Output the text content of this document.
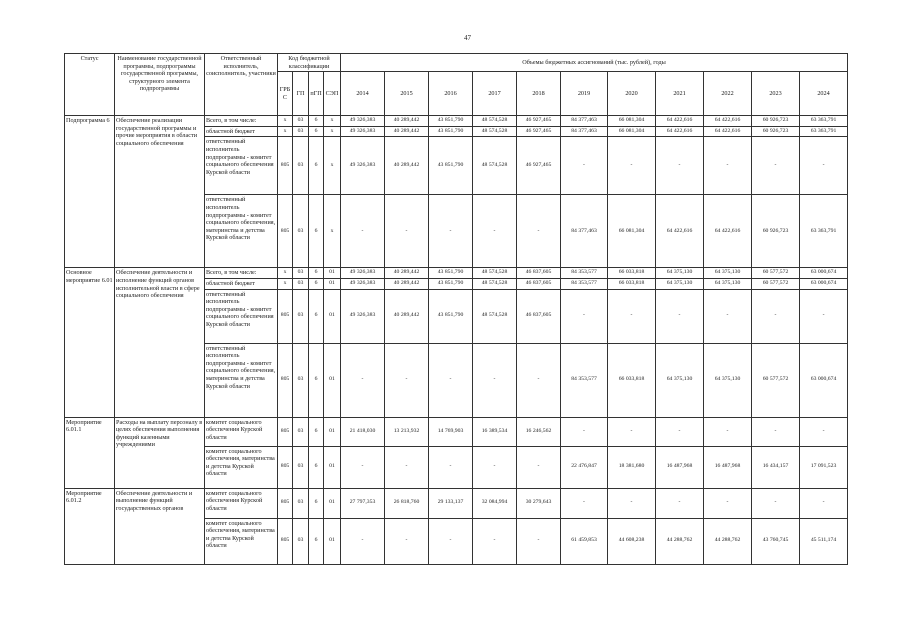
47
Статус	Наименование государственной программы, подпрограммы государственной программы, структурного элемента подпрограммы	Ответственный исполнитель, соисполнитель, участники	Код бюджетной классификации				Объемы бюджетных ассигнований (тыс. рублей), годы										
			ГРБС	ГП	пГП	СЭП	2014	2015	2016	2017	2018	2019	2020	2021	2022	2023	2024
Подпрограмма 6	Обеспечение реализации государственной программы и прочие мероприятия в области социального обеспечения	Всего, в том числе:	x	03	6	x	49 326,383	40 289,442	43 851,790	48 574,528	46 927,465	84 377,463	66 081,304	64 422,616	64 422,616	60 926,723	63 363,791
		областной бюджет	x	03	6	x	49 326,383	40 289,442	43 851,790	48 574,528	46 927,465	84 377,463	66 081,304	64 422,616	64 422,616	60 926,723	63 363,791
		ответственный исполнитель подпрограммы - комитет социального обеспечения Курской области	805	03	6	x	49 326,383	40 289,442	43 851,790	48 574,528	46 927,465	-	-	-	-	-	-
		ответственный исполнитель подпрограммы - комитет социального обеспечения, материнства и детства Курской области	805	03	6	x	-	-	-	-	-	84 377,463	66 081,304	64 422,616	64 422,616	60 926,723	63 363,791
Основное мероприятие 6.01	Обеспечение деятельности и исполнение функций органов исполнительной власти в сфере социального обеспечения	Всего, в том числе:	x	03	6	01	49 326,383	40 289,442	43 851,790	48 574,528	46 837,605	84 353,577	66 033,818	64 375,130	64 375,130	60 577,572	63 000,674
		областной бюджет	x	03	6	01	49 326,383	40 289,442	43 851,790	48 574,528	46 837,605	84 353,577	66 033,818	64 375,130	64 375,130	60 577,572	63 000,674
		ответственный исполнитель подпрограммы - комитет социального обеспечения Курской области	805	03	6	01	49 326,383	40 289,442	43 851,790	48 574,528	46 837,605	-	-	-	-	-	-
		ответственный исполнитель подпрограммы - комитет социального обеспечения, материнства и детства Курской области	805	03	6	01	-	-	-	-	-	84 353,577	66 033,818	64 375,130	64 375,130	60 577,572	63 000,674
Мероприятие 6.01.1	Расходы на выплату персоналу в целях обеспечения выполнения функций казенными учреждениями	комитет социального обеспечения Курской области	805	03	6	01	21 418,030	13 213,932	14 769,903	16 389,534	16 246,562	-	-	-	-	-	-
		комитет социального обеспечения, материнства и детства Курской области	805	03	6	01	-	-	-	-	-	22 476,847	18 381,680	16 487,968	16 487,968	16 434,157	17 091,523
Мероприятие 6.01.2	Обеспечение деятельности и выполнение функций государственных органов	комитет социального обеспечения Курской области	805	03	6	01	27 797,353	26 818,760	29 133,137	32 084,994	30 279,643	-	-	-	-	-	-
		комитет социального обеспечения, материнства и детства Курской области	805	03	6	01	-	-	-	-	-	61 459,853	44 608,238	44 288,762	44 288,762	43 760,745	45 511,174
